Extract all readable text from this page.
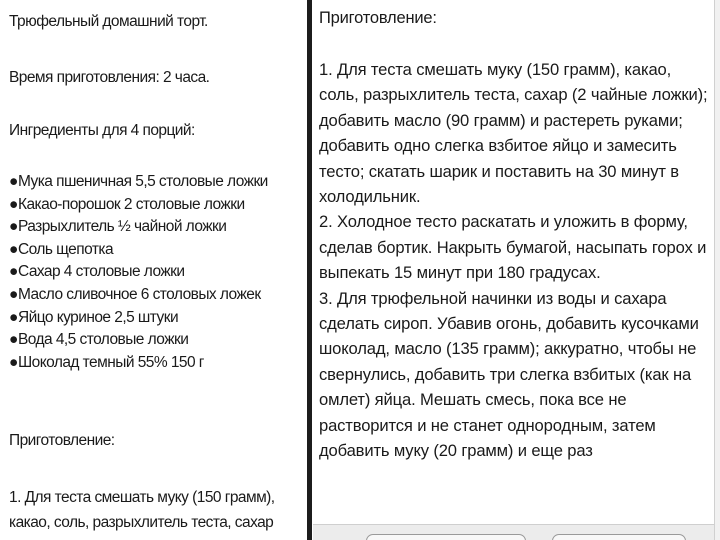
Трюфельный домашний торт.
Время приготовления: 2 часа.
Ингредиенты для 4 порций:
●Мука пшеничная 5,5 столовые ложки
●Какао-порошок 2 столовые ложки
●Разрыхлитель ½ чайной ложки
●Соль щепотка
●Сахар 4 столовые ложки
●Масло сливочное 6 столовых ложек
●Яйцо куриное 2,5 штуки
●Вода 4,5 столовые ложки
●Шоколад темный 55% 150 г
Приготовление:
1. Для теста смешать муку (150 грамм), какао, соль, разрыхлитель теста, сахар
Приготовление:

1. Для теста смешать муку (150 грамм), какао, соль, разрыхлитель теста, сахар (2 чайные ложки); добавить масло (90 грамм) и растереть руками; добавить одно слегка взбитое яйцо и замесить тесто; скатать шарик и поставить на 30 минут в холодильник.

2. Холодное тесто раскатать и уложить в форму, сделав бортик. Накрыть бумагой, насыпать горох и выпекать 15 минут при 180 градусах.

3. Для трюфельной начинки из воды и сахара сделать сироп. Убавив огонь, добавить кусочками шоколад, масло (135 грамм); аккуратно, чтобы не свернулись, добавить три слегка взбитых (как на омлет) яйца. Мешать смесь, пока все не растворится и не станет однородным, затем добавить муку (20 грамм) и еще раз
